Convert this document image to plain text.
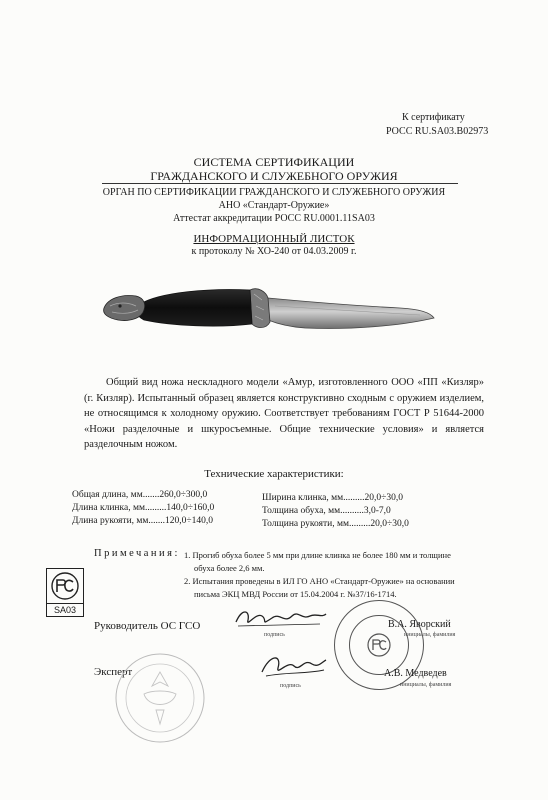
К сертификату
РОСС RU.SA03.B02973
СИСТЕМА СЕРТИФИКАЦИИ
ГРАЖДАНСКОГО И СЛУЖЕБНОГО ОРУЖИЯ
ОРГАН ПО СЕРТИФИКАЦИИ ГРАЖДАНСКОГО И СЛУЖЕБНОГО ОРУЖИЯ
АНО «Стандарт-Оружие»
Аттестат аккредитации РОСС RU.0001.11SA03
ИНФОРМАЦИОННЫЙ ЛИСТОК
к протоколу № ХО-240 от 04.03.2009 г.
Общий вид ножа нескладного модели «Амур, изготовленного ООО «ПП «Кизляр» (г. Кизляр). Испытанный образец является конструктивно сходным с оружием изделием, не относящимся к холодному оружию. Соответствует требованиям ГОСТ Р 51644-2000 «Ножи разделочные и шкуросъемные. Общие технические условия» и является разделочным ножом.
Технические характеристики:
Общая длина, мм.......260,0÷300,0
Длина клинка, мм.........140,0÷160,0
Длина рукояти, мм.......120,0÷140,0
Ширина клинка, мм.........20,0÷30,0
Толщина обуха, мм..........3,0-7,0
Толщина рукояти, мм.........20,0÷30,0
Примечания: 1. Прогиб обуха более 5 мм при длине клинка не более 180 мм и толщине
обуха более 2,6 мм.
2. Испытания проведены в ИЛ ГО АНО «Стандарт-Оружие» на основании
письма ЭКЦ МВД России от 15.04.2004 г. №37/16-1714.
SA03
Руководитель ОС ГСО
подпись
В.А. Яворский
инициалы, фамилия
Эксперт
подпись
А.В. Медведев
инициалы, фамилия
